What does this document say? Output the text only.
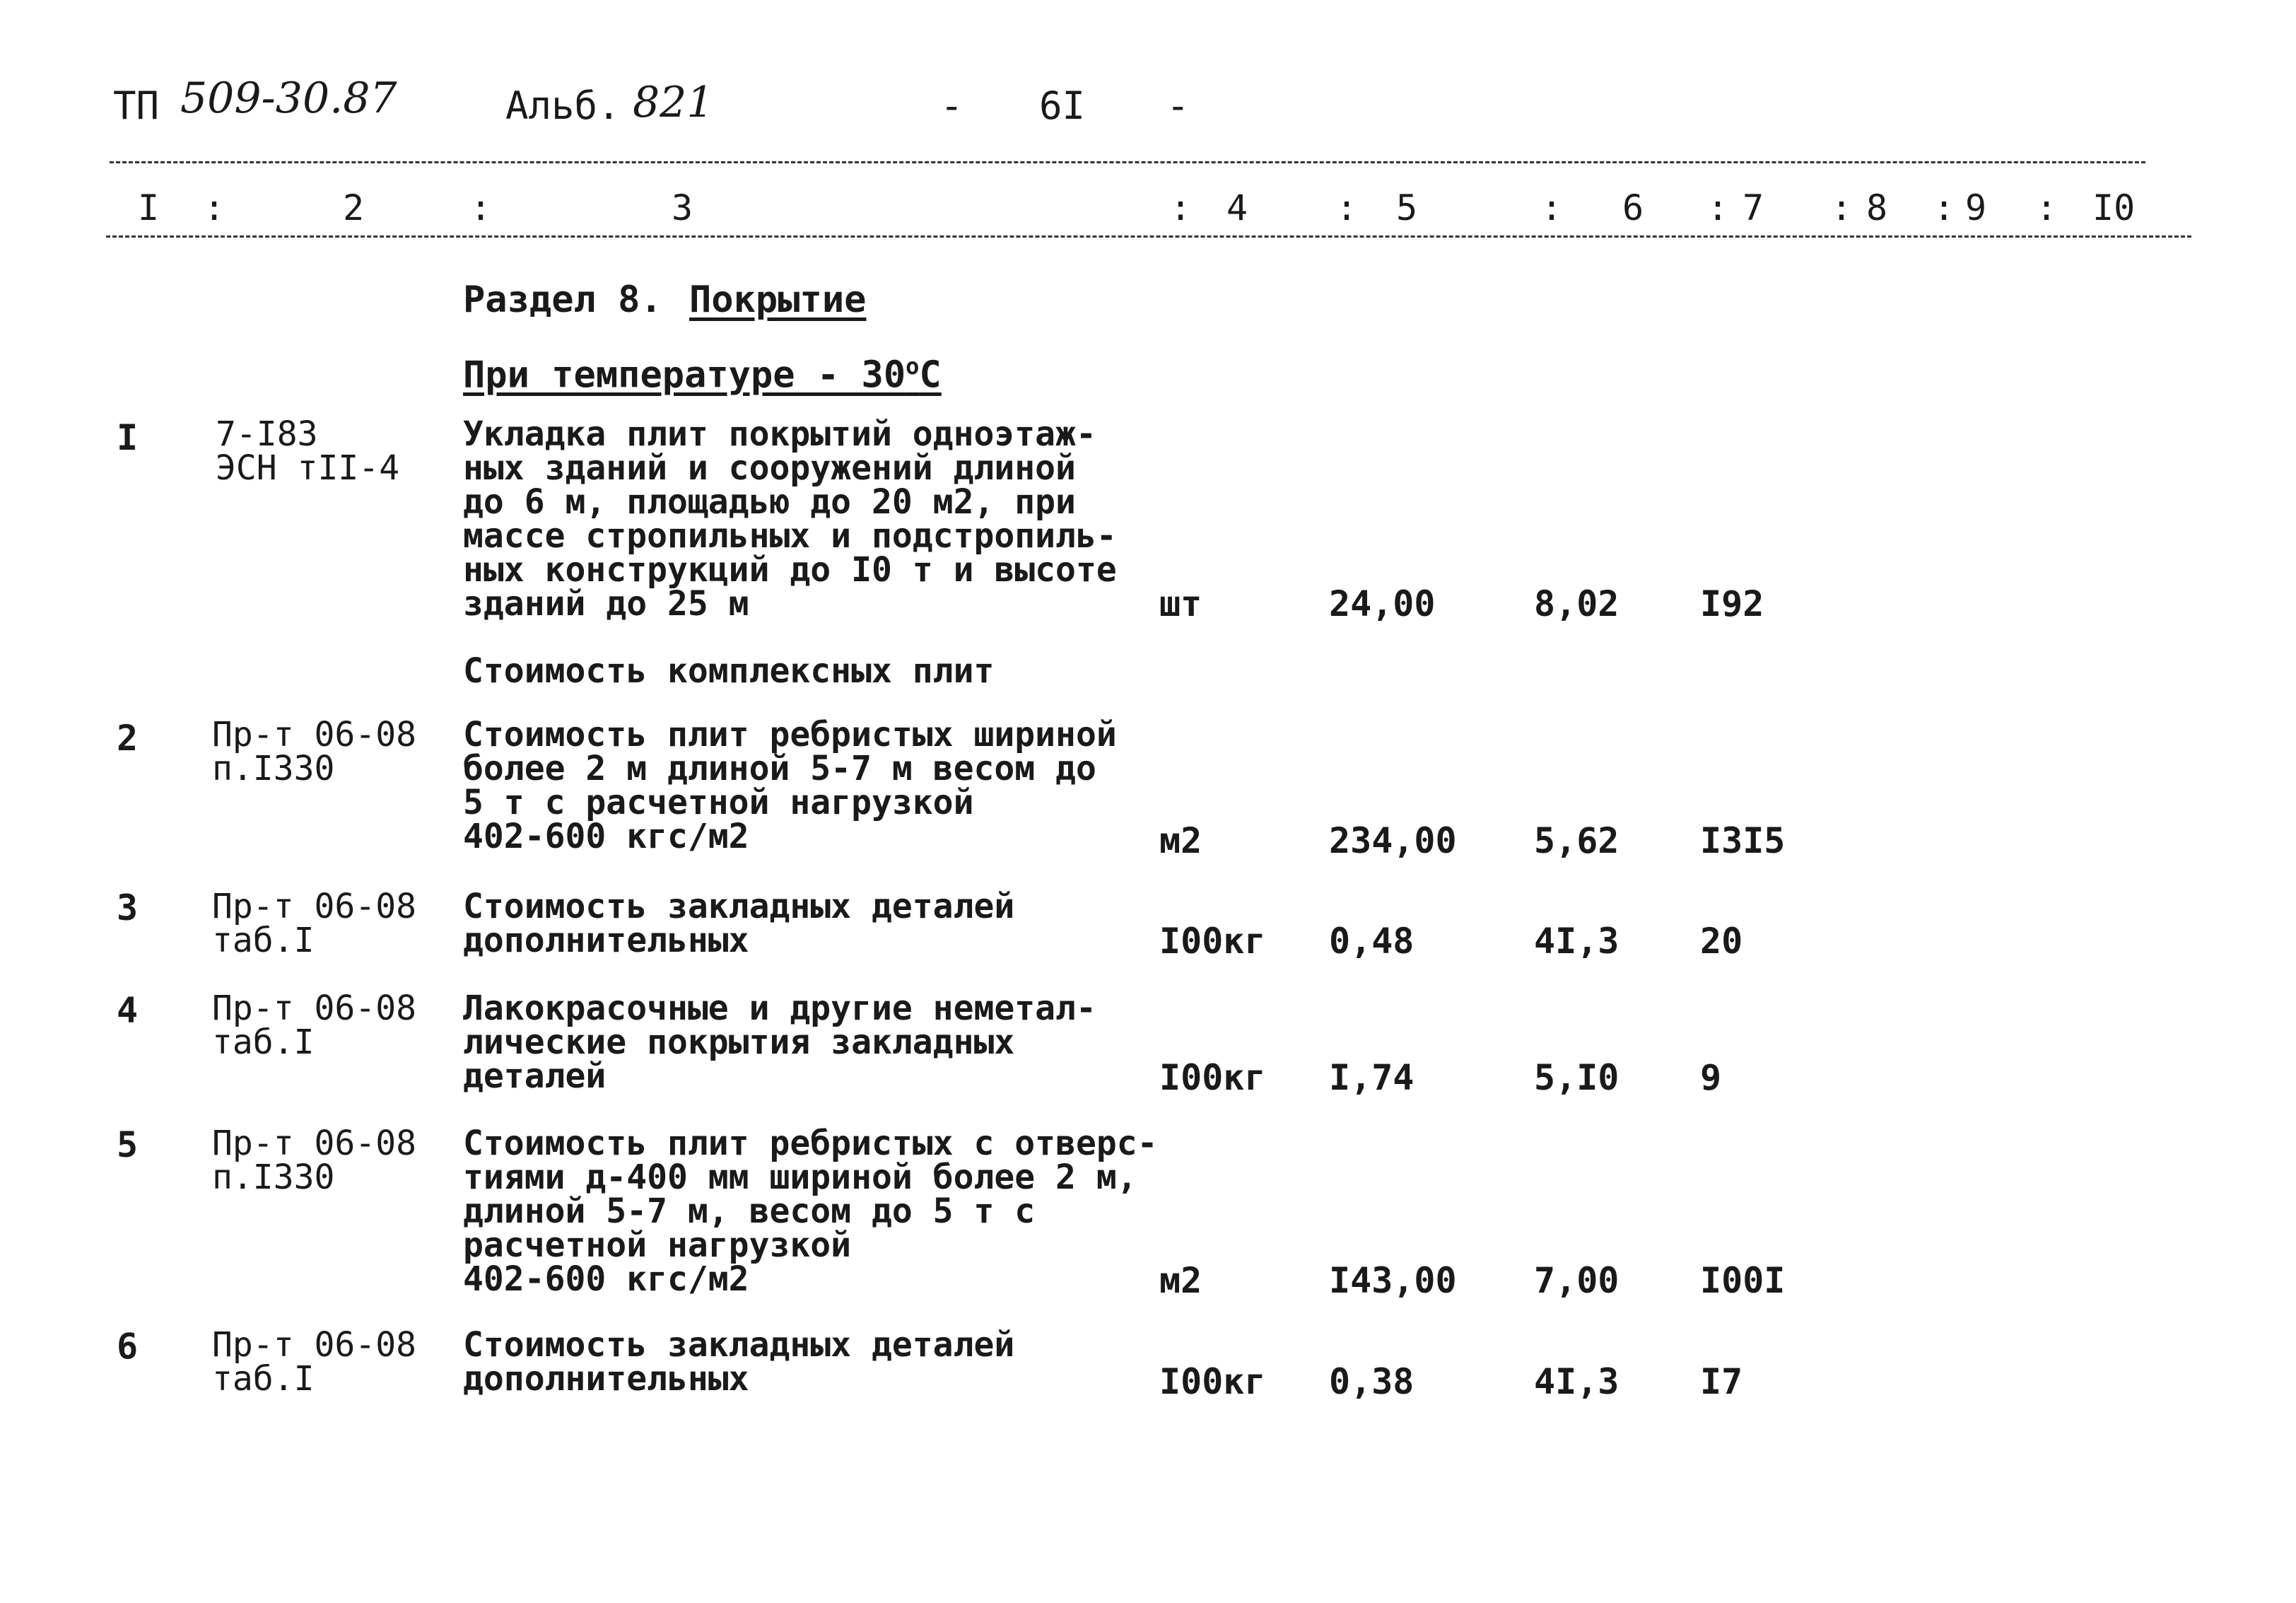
ТП 509-30.87	Альб. 821	- 6I -
I :	2	:	3	: 4 : 5	: 6 : 7 : 8 : 9 : I0
Раздел 8. Покрытие
При температуре - $30^оС$
I 7-I83
ЭСН тII-4
Укладка плит покрытий одноэтаж-
ных зданий и сооружений длиной
до 6 м, площадью до 20 м2, при
массе стропильных и подстропиль-
ных конструкций до I0 т и высоте
зданий до 25 м	шт	24,00	8,02 I92
Стоимость комплексных плит
2 Пр-т 06-08
п.I330
Стоимость плит ребристых шириной
более 2 м длиной 5-7 м весом до
5 т с расчетной нагрузкой
402-600 кгс/м2	м2	234,00 5,62 I3I5
3 Пр-т 06-08
таб.I
Стоимость закладных деталей
дополнительных	I00кг 0,48	4I,3 20
4 Пр-т 06-08
таб.I
Лакокрасочные и другие неметал-
лические покрытия закладных
деталей	I00кг I,74	5,I0 9
5 Пр-т 06-08
п.I330
Стоимость плит ребристых с отверс-
тиями д-400 мм шириной более 2 м,
длиной 5-7 м, весом до 5 т с
расчетной нагрузкой
402-600 кгс/м2	м2	I43,00 7,00 I00I
6 Пр-т 06-08
таб.I
Стоимость закладных деталей
дополнительных	I00кг 0,38	4I,3 I7
